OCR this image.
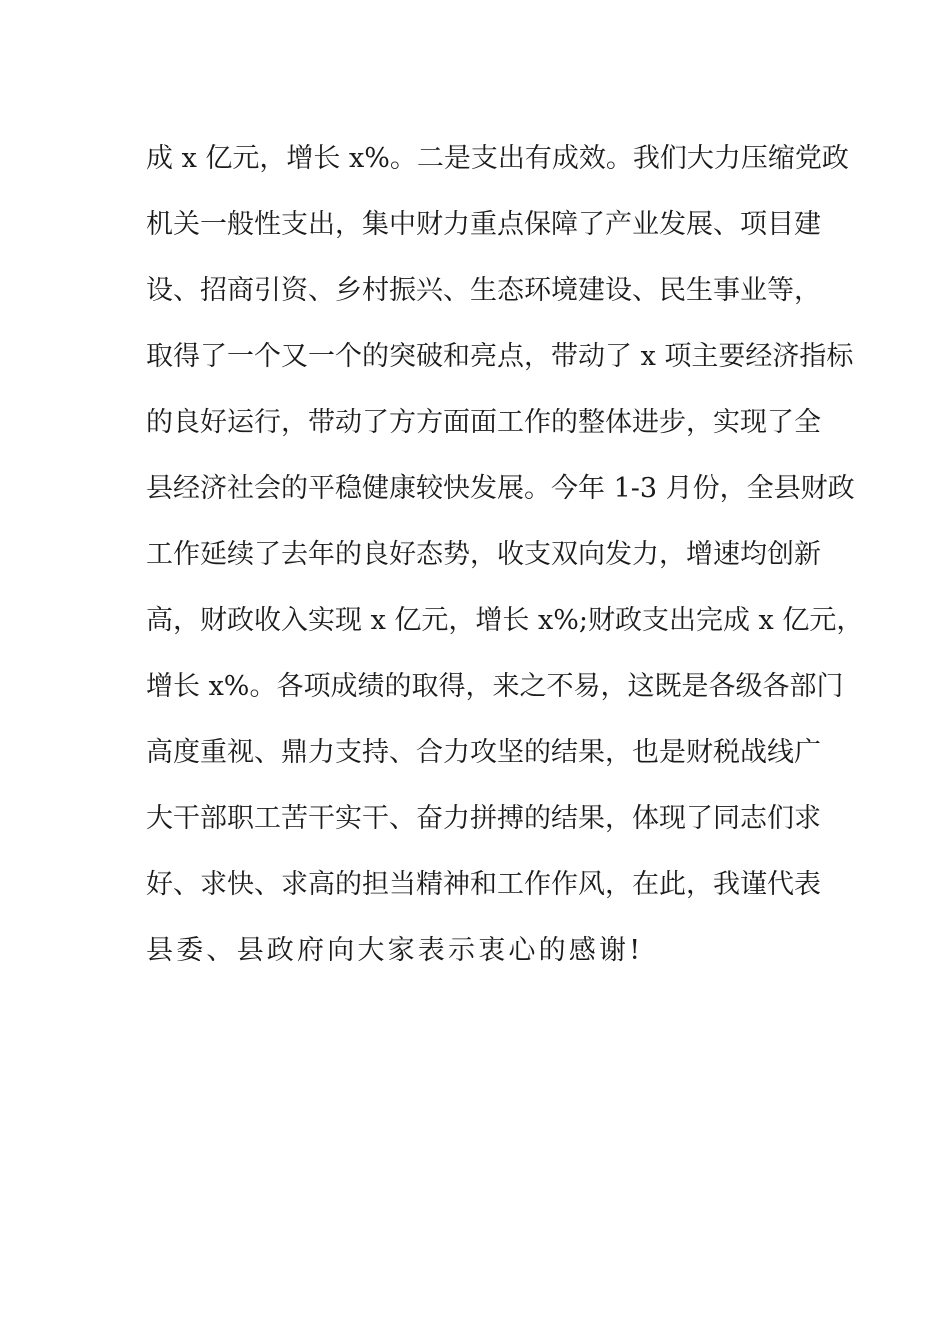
成 x 亿元，增长 x%。二是支出有成效。我们大力压缩党政
机关一般性支出，集中财力重点保障了产业发展、项目建
设、招商引资、乡村振兴、生态环境建设、民生事业等，
取得了一个又一个的突破和亮点，带动了 x 项主要经济指标
的良好运行，带动了方方面面工作的整体进步，实现了全
县经济社会的平稳健康较快发展。今年 1-3 月份，全县财政
工作延续了去年的良好态势，收支双向发力，增速均创新
高，财政收入实现 x 亿元，增长 x%;财政支出完成 x 亿元，
增长 x%。各项成绩的取得，来之不易，这既是各级各部门
高度重视、鼎力支持、合力攻坚的结果，也是财税战线广
大干部职工苦干实干、奋力拼搏的结果，体现了同志们求
好、求快、求高的担当精神和工作作风，在此，我谨代表
县委、县政府向大家表示衷心的感谢!
